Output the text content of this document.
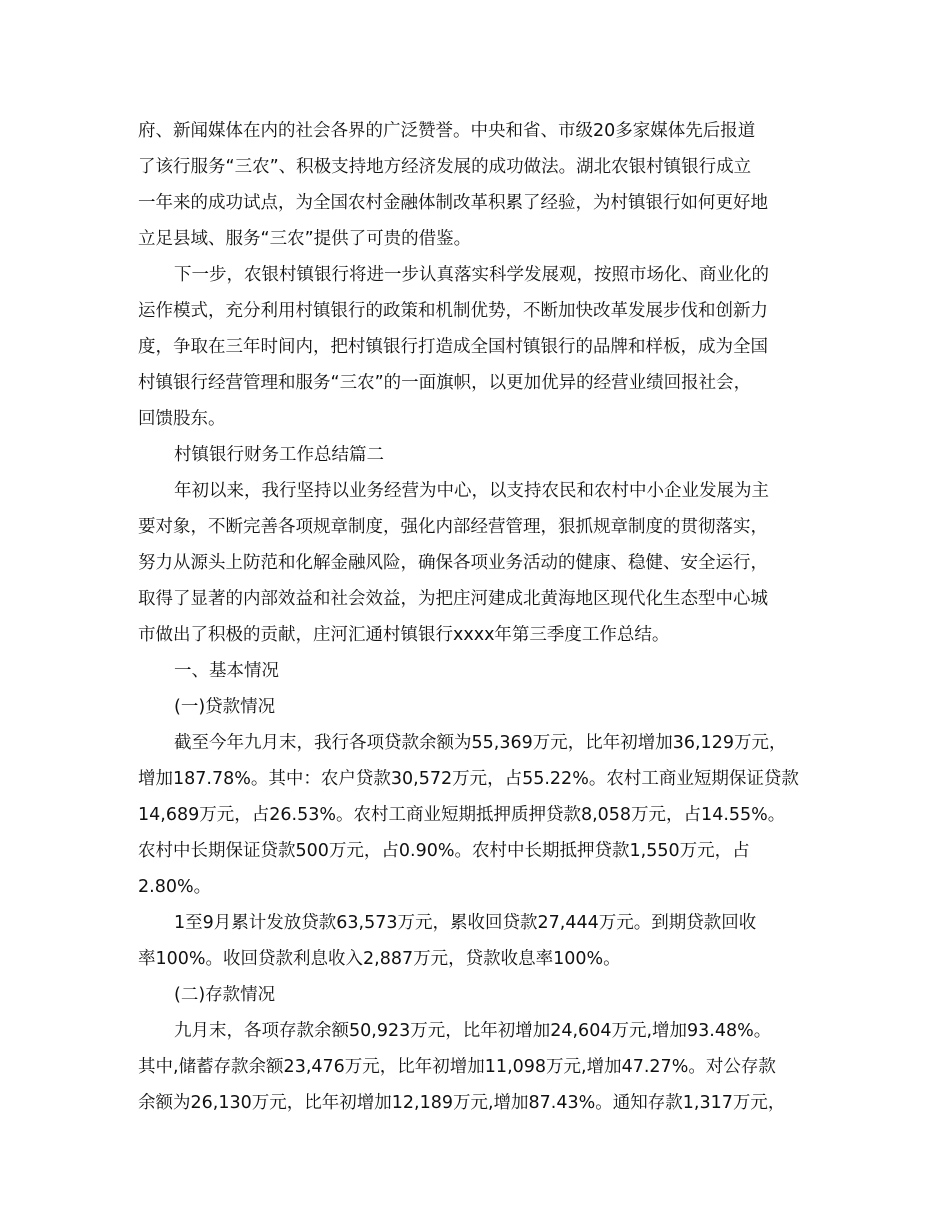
府、新闻媒体在内的社会各界的广泛赞誉。中央和省、市级20多家媒体先后报道
了该行服务“三农”、积极支持地方经济发展的成功做法。湖北农银村镇银行成立
一年来的成功试点，为全国农村金融体制改革积累了经验，为村镇银行如何更好地
立足县域、服务“三农”提供了可贵的借鉴。
下一步，农银村镇银行将进一步认真落实科学发展观，按照市场化、商业化的
运作模式，充分利用村镇银行的政策和机制优势，不断加快改革发展步伐和创新力
度，争取在三年时间内，把村镇银行打造成全国村镇银行的品牌和样板，成为全国
村镇银行经营管理和服务“三农”的一面旗帜，以更加优异的经营业绩回报社会，
回馈股东。
村镇银行财务工作总结篇二
年初以来，我行坚持以业务经营为中心，以支持农民和农村中小企业发展为主
要对象，不断完善各项规章制度，强化内部经营管理，狠抓规章制度的贯彻落实，
努力从源头上防范和化解金融风险，确保各项业务活动的健康、稳健、安全运行，
取得了显著的内部效益和社会效益，为把庄河建成北黄海地区现代化生态型中心城
市做出了积极的贡献，庄河汇通村镇银行xxxx年第三季度工作总结。
一、基本情况
(一)贷款情况
截至今年九月末，我行各项贷款余额为55,369万元，比年初增加36,129万元，
增加187.78%。其中：农户贷款30,572万元，占55.22%。农村工商业短期保证贷款
14,689万元，占26.53%。农村工商业短期抵押质押贷款8,058万元，占14.55%。
农村中长期保证贷款500万元，占0.90%。农村中长期抵押贷款1,550万元，占
2.80%。
1至9月累计发放贷款63,573万元，累收回贷款27,444万元。到期贷款回收
率100%。收回贷款利息收入2,887万元，贷款收息率100%。
(二)存款情况
九月末，各项存款余额50,923万元，比年初增加24,604万元,增加93.48%。
其中,储蓄存款余额23,476万元，比年初增加11,098万元,增加47.27%。对公存款
余额为26,130万元，比年初增加12,189万元,增加87.43%。通知存款1,317万元，
